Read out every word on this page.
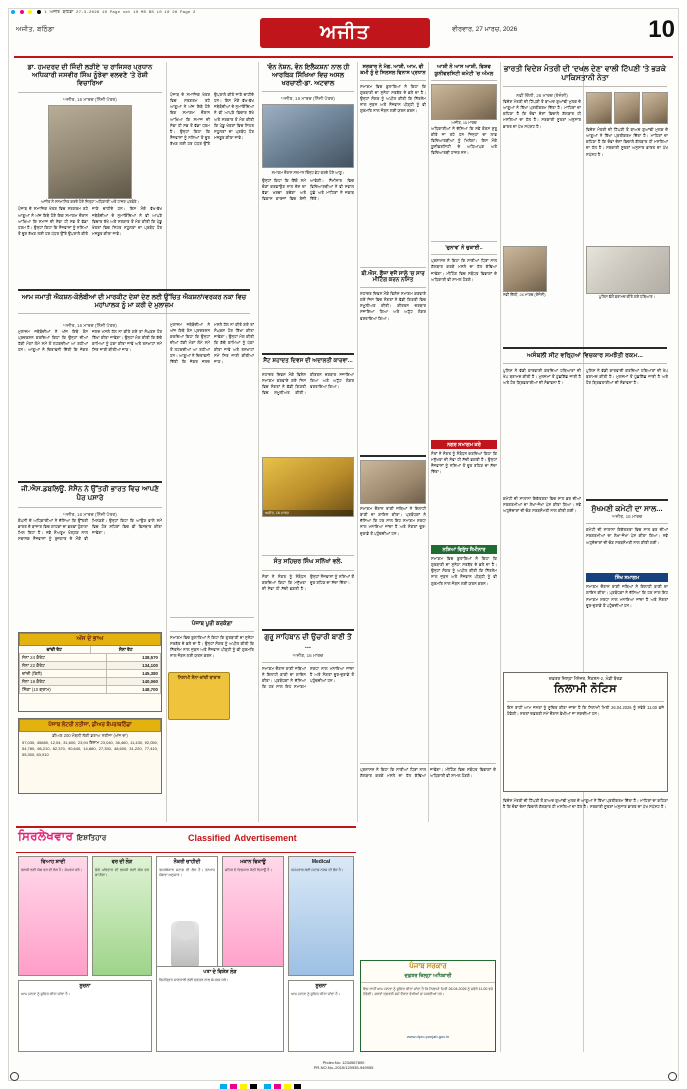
1 ਅਜੀਤ ਬਠਿੰਡਾ 27-3-2026 10 Page set 10 MS BS L0 10 26 Page 2
ਅਜੀਤ, ਬਠਿੰਡਾ	ਅਜੀਤ	ਵੀਰਵਾਰ, 27 ਮਾਰਚ, 2026	10
ਡਾ. ਹਮਦਰਦ ਦੀ ਜਿੰਦੀ ਲੜੀਏ 'ਚ ਰਾਜਿਸਰ ਪ੍ਰਧਾਨ ਅਧਿਕਾਰੀ ਜਸਵੀਰ ਸਿੰਘ ਨੂੰਝੇਵਾ ਵਲਵਣੇ 'ਤੇ ਰੋਸ਼ੀ ਵਿਚਾਰਿਆ
ਅਜੀਤ, 16 ਮਾਰਚ (ਨਿੱਜੀ ਪੱਤਰ)
ਅਜੀਤ ਨੇ ਸਨਮਾਨਿਤ ਕਰਦੇ ਹੋਏ ਜ਼ਿਲ੍ਹਾ ਅਧਿਕਾਰੀ ਅਤੇ ਹਾਜ਼ਰ ਪਤਵੰਤੇ।
ਪੰਜਾਬ ਦੇ ਸਮਾਜਿਕ ਖੇਤਰ ਵਿਚ ਸਰਗਰਮ ਰਹੇ ਆਗੂਆਂ ਨੇ ਅੱਜ ਇਥੇ ਹੋਏ ਇਕ ਸਮਾਗਮ ਦੌਰਾਨ ਆਖਿਆ ਕਿ ਸਮਾਜ ਦੀ ਸੇਵਾ ਹੀ ਸਭ ਤੋਂ ਵੱਡਾ ਧਰਮ ਹੈ। ਉਨ੍ਹਾਂ ਕਿਹਾ ਕਿ ਨੌਜਵਾਨਾਂ ਨੂੰ ਨਸ਼ਿਆਂ ਤੋਂ ਦੂਰ ਰੱਖਣ ਲਈ ਹਰ ਪੱਧਰ ਉੱਤੇ ਉਪਰਾਲੇ ਕੀਤੇ ਜਾਣੇ ਚਾਹੀਦੇ ਹਨ। ਇਸ ਮੌਕੇ ਵੱਖ-ਵੱਖ ਜਥੇਬੰਦੀਆਂ ਦੇ ਨੁਮਾਇੰਦਿਆਂ ਨੇ ਵੀ ਆਪਣੇ ਵਿਚਾਰ ਰੱਖੇ ਅਤੇ ਸਰਕਾਰ ਤੋਂ ਮੰਗ ਕੀਤੀ ਕਿ ਪੇਂਡੂ ਖੇਤਰਾਂ ਵਿਚ ਸਿਹਤ ਸਹੂਲਤਾਂ ਦਾ ਪ੍ਰਬੰਧ ਹੋਰ ਮਜ਼ਬੂਤ ਕੀਤਾ ਜਾਵੇ।
ਆਮ ਜਮਾਤੀ ਐਕਸ਼ਨ-ਕੋਲੰਬੀਆਂ ਦੀ ਮਾਰਕੀਟ ਦੇਸ਼ਾਂ ਦੇਣ ਲਈ ਉੱਚਿਤ ਐਕਸ਼ਨਾਂ/ਵਰਕਰ ਨਕਾ ਵਿਚ ਮਹਾਂਪਾਲਕ ਨੂੰ ਮਾ ਕਰੀ ਦੇ ਮੁਲਾਜ਼ਮ
ਅਜੀਤ, 16 ਮਾਰਚ (ਨਿੱਜੀ ਪੱਤਰ)
ਮੁਲਾਜ਼ਮ ਜਥੇਬੰਦੀਆਂ ਨੇ ਅੱਜ ਇਥੇ ਰੋਸ ਪ੍ਰਦਰਸ਼ਨ ਕਰਦਿਆਂ ਕਿਹਾ ਕਿ ਉਨ੍ਹਾਂ ਦੀਆਂ ਹੱਕੀ ਮੰਗਾਂ ਲੰਮੇ ਸਮੇਂ ਤੋਂ ਲਟਕਦੀਆਂ ਆ ਰਹੀਆਂ ਹਨ। ਆਗੂਆਂ ਨੇ ਚਿਤਾਵਨੀ ਦਿੱਤੀ ਕਿ ਜੇਕਰ ਜਲਦ ਮਸਲੇ ਹੱਲ ਨਾ ਕੀਤੇ ਗਏ ਤਾਂ ਸੰਘਰਸ਼ ਹੋਰ ਤਿੱਖਾ ਕੀਤਾ ਜਾਵੇਗਾ। ਉਨ੍ਹਾਂ ਮੰਗ ਕੀਤੀ ਕਿ ਕੱਚੇ ਕਾਮਿਆਂ ਨੂੰ ਪੱਕਾ ਕੀਤਾ ਜਾਵੇ ਅਤੇ ਤਨਖਾਹਾਂ ਸਮੇਂ ਸਿਰ ਜਾਰੀ ਕੀਤੀਆਂ ਜਾਣ।
ਜੀ.ਐਸ.ਡਬਲਿਊ. ਸੋਸੈਨ ਨੇ ਉੱਤਰੀ ਭਾਰਤ ਵਿਚ ਆਪਣੇ ਪੈਰ ਪਸਾਰੇ
ਅਜੀਤ, 16 ਮਾਰਚ (ਨਿੱਜੀ ਪੱਤਰ)
ਕੰਪਨੀ ਦੇ ਅਧਿਕਾਰੀਆਂ ਨੇ ਦੱਸਿਆ ਕਿ ਉੱਤਰੀ ਭਾਰਤ ਦੇ ਬਾਜ਼ਾਰ ਵਿਚ ਗਾਹਕਾਂ ਦਾ ਭਰਵਾਂ ਹੁੰਗਾਰਾ ਮਿਲ ਰਿਹਾ ਹੈ। ਨਵੇਂ ਸ਼ੋਅਰੂਮ ਖੋਲ੍ਹਣ ਨਾਲ ਸਥਾਨਕ ਨੌਜਵਾਨਾਂ ਨੂੰ ਰੁਜ਼ਗਾਰ ਦੇ ਮੌਕੇ ਵੀ ਮਿਲਣਗੇ। ਉਨ੍ਹਾਂ ਕਿਹਾ ਕਿ ਆਉਣ ਵਾਲੇ ਸਮੇਂ ਵਿਚ ਹੋਰ ਸ਼ਹਿਰਾਂ ਵਿਚ ਵੀ ਵਿਸਥਾਰ ਕੀਤਾ ਜਾਵੇਗਾ।
ਅੱਜ ਦੇ ਭਾਅ
ਚਾਂਦੀ ਰੇਟ	ਸੋਨਾ ਰੇਟ
ਸੋਨਾ 24 ਕੈਰੇਟ	138,570
ਸੋਨਾ 22 ਕੈਰੇਟ	134,100
ਚਾਂਦੀ (ਕਿਲੋ)	145,380
ਸੋਨਾ 18 ਕੈਰੇਟ	140,060
ਸਿੱਕਾ (10 ਗ੍ਰਾਮ)	148,700
ਪੰਜਾਬ ਲੋਟਰੀ ਨਤੀਜਾ, ਡੀਅਰ ਬੰਪਰ/ਬਠਿੰਡਾ
ਡੀਅਰ 200 ਮੰਥਲੀ ਲੱਕੀ ਡਰਾਅ ਨਤੀਜਾ (ਅੱਜ ਦਾ)
57,030, 45680, 12,04, 31,600, 23,94 ਇਨਾਮ 23,040, 36,460, 11,430, 92,050, 54,780, 66,210, 82,370, 90,640, 14,880, 27,330, 48,600, 31,220, 77,410, 55,300, 63,910
ਨਿਲਾਮੀ ਸੋਨਾ-ਚਾਂਦੀ ਬਾਜ਼ਾਰ
ਪੰਜਾਬ ਦੇ ਸਮਾਜਿਕ ਖੇਤਰ ਵਿਚ ਸਰਗਰਮ ਰਹੇ ਆਗੂਆਂ ਨੇ ਅੱਜ ਇਥੇ ਹੋਏ ਇਕ ਸਮਾਗਮ ਦੌਰਾਨ ਆਖਿਆ ਕਿ ਸਮਾਜ ਦੀ ਸੇਵਾ ਹੀ ਸਭ ਤੋਂ ਵੱਡਾ ਧਰਮ ਹੈ। ਉਨ੍ਹਾਂ ਕਿਹਾ ਕਿ ਨੌਜਵਾਨਾਂ ਨੂੰ ਨਸ਼ਿਆਂ ਤੋਂ ਦੂਰ ਰੱਖਣ ਲਈ ਹਰ ਪੱਧਰ ਉੱਤੇ ਉਪਰਾਲੇ ਕੀਤੇ ਜਾਣੇ ਚਾਹੀਦੇ ਹਨ। ਇਸ ਮੌਕੇ ਵੱਖ-ਵੱਖ ਜਥੇਬੰਦੀਆਂ ਦੇ ਨੁਮਾਇੰਦਿਆਂ ਨੇ ਵੀ ਆਪਣੇ ਵਿਚਾਰ ਰੱਖੇ ਅਤੇ ਸਰਕਾਰ ਤੋਂ ਮੰਗ ਕੀਤੀ ਕਿ ਪੇਂਡੂ ਖੇਤਰਾਂ ਵਿਚ ਸਿਹਤ ਸਹੂਲਤਾਂ ਦਾ ਪ੍ਰਬੰਧ ਹੋਰ ਮਜ਼ਬੂਤ ਕੀਤਾ ਜਾਵੇ।
ਮੁਲਾਜ਼ਮ ਜਥੇਬੰਦੀਆਂ ਨੇ ਅੱਜ ਇਥੇ ਰੋਸ ਪ੍ਰਦਰਸ਼ਨ ਕਰਦਿਆਂ ਕਿਹਾ ਕਿ ਉਨ੍ਹਾਂ ਦੀਆਂ ਹੱਕੀ ਮੰਗਾਂ ਲੰਮੇ ਸਮੇਂ ਤੋਂ ਲਟਕਦੀਆਂ ਆ ਰਹੀਆਂ ਹਨ। ਆਗੂਆਂ ਨੇ ਚਿਤਾਵਨੀ ਦਿੱਤੀ ਕਿ ਜੇਕਰ ਜਲਦ ਮਸਲੇ ਹੱਲ ਨਾ ਕੀਤੇ ਗਏ ਤਾਂ ਸੰਘਰਸ਼ ਹੋਰ ਤਿੱਖਾ ਕੀਤਾ ਜਾਵੇਗਾ। ਉਨ੍ਹਾਂ ਮੰਗ ਕੀਤੀ ਕਿ ਕੱਚੇ ਕਾਮਿਆਂ ਨੂੰ ਪੱਕਾ ਕੀਤਾ ਜਾਵੇ ਅਤੇ ਤਨਖਾਹਾਂ ਸਮੇਂ ਸਿਰ ਜਾਰੀ ਕੀਤੀਆਂ ਜਾਣ।
ਪੰਜਾਬ ਪੂਰੀ ਕਰਕੇਗਾ
ਸਮਾਗਮ ਵਿਚ ਬੁਲਾਰਿਆਂ ਨੇ ਕਿਹਾ ਕਿ ਗੁਰਬਾਣੀ ਦਾ ਸੁਨੇਹਾ ਸਰਬੱਤ ਦੇ ਭਲੇ ਦਾ ਹੈ। ਉਨ੍ਹਾਂ ਸੰਗਤ ਨੂੰ ਅਪੀਲ ਕੀਤੀ ਕਿ ਨਿੱਤਨੇਮ ਨਾਲ ਜੁੜਨ ਅਤੇ ਨੌਜਵਾਨ ਪੀੜ੍ਹੀ ਨੂੰ ਵੀ ਗੁਰਮਤਿ ਨਾਲ ਜੋੜਨ ਲਈ ਯਤਨ ਕਰਨ।
'ਵੰਨ ਨੇਸ਼ਨ, ਵੰਨ ਇਲੈਕਸ਼ਨ' ਨਾਲ ਹੀ ਆਰਥਿਕ ਸਿੱਖਿਆ ਵਿਚ ਅਸਲ ਖਰਚਾਈ-ਡਾ. ਅਟਵਾਲ
ਅਜੀਤ, 16 ਮਾਰਚ (ਨਿੱਜੀ ਪੱਤਰ)
ਸਮਾਗਮ ਦੌਰਾਨ ਸਨਮਾਨ ਚਿੰਨ੍ਹ ਭੇਟ ਕਰਦੇ ਹੋਏ ਆਗੂ।
ਉਨ੍ਹਾਂ ਕਿਹਾ ਕਿ ਇੱਕੋ ਸਮੇਂ ਚੋਣਾਂ ਕਰਵਾਉਣ ਨਾਲ ਦੇਸ਼ ਦਾ ਵੱਡਾ ਖਰਚਾ ਬਚੇਗਾ ਅਤੇ ਵਿਕਾਸ ਕਾਰਜਾਂ ਵਿਚ ਤੇਜ਼ੀ ਆਵੇਗੀ। ਸੈਮੀਨਾਰ ਵਿਚ ਵਿਦਿਆਰਥੀਆਂ ਨੇ ਵੀ ਸਵਾਲ ਪੁੱਛੇ ਅਤੇ ਮਾਹਿਰਾਂ ਨੇ ਜਵਾਬ ਦਿੱਤੇ।
ਸੈਂਟ ਸ਼ਹਾਦਤ ਦਿਵਸ ਦੀ ਅਦਾਲਤੀ ਕਾਰਵਾ...
ਸ਼ਹਾਦਤ ਦਿਵਸ ਮੌਕੇ ਵਿਸ਼ੇਸ਼ ਸਮਾਗਮ ਕਰਵਾਏ ਗਏ ਜਿਸ ਵਿਚ ਸੰਗਤਾਂ ਨੇ ਵੱਡੀ ਗਿਣਤੀ ਵਿਚ ਸ਼ਮੂਲੀਅਤ ਕੀਤੀ। ਕੀਰਤਨ ਦਰਬਾਰ ਸਜਾਇਆ ਗਿਆ ਅਤੇ ਅਟੁੱਟ ਲੰਗਰ ਵਰਤਾਇਆ ਗਿਆ।
ਅਜੀਤ, 16 ਮਾਰਚ
ਸੰਤ ਸਹਿਚਰ ਸਿੰਘ ਸਨਿੱਖਾਂ ਵਲੇ.
ਸੰਤਾਂ ਨੇ ਸੰਗਤ ਨੂੰ ਸੰਬੋਧਨ ਕਰਦਿਆਂ ਕਿਹਾ ਕਿ ਮਨੁੱਖਤਾ ਦੀ ਸੇਵਾ ਹੀ ਸੱਚੀ ਭਗਤੀ ਹੈ। ਉਨ੍ਹਾਂ ਨੌਜਵਾਨਾਂ ਨੂੰ ਨਸ਼ਿਆਂ ਤੋਂ ਦੂਰ ਰਹਿਣ ਦਾ ਸੱਦਾ ਦਿੱਤਾ।
ਗੁਰੂ ਸਾਹਿਬਾਨ ਦੀ ਉਚਾਰੀ ਬਾਣੀ ਤੋਂ ...
ਅਜੀਤ, 16 ਮਾਰਚ
ਸਮਾਗਮ ਦੌਰਾਨ ਰਾਗੀ ਜਥਿਆਂ ਨੇ ਇਲਾਹੀ ਬਾਣੀ ਦਾ ਗਾਇਨ ਕੀਤਾ। ਪ੍ਰਬੰਧਕਾਂ ਨੇ ਦੱਸਿਆ ਕਿ ਹਰ ਸਾਲ ਇਹ ਸਮਾਗਮ ਸ਼ਰਧਾ ਨਾਲ ਮਨਾਇਆ ਜਾਂਦਾ ਹੈ ਅਤੇ ਸੰਗਤਾਂ ਦੂਰ-ਦੁਰਾਡੇ ਤੋਂ ਪਹੁੰਚਦੀਆਂ ਹਨ।
ਸਰਕਾਰ ਨੇ ਮੰਗ, ਆਸ਼ੀ, ਆਮ, ਵੀ ਕਮੀ ਨੂੰ ਦੇ ਸਿਲਸਲ ਵਿਨਾਸ ਪ੍ਰਧਾਨ
ਸਮਾਗਮ ਵਿਚ ਬੁਲਾਰਿਆਂ ਨੇ ਕਿਹਾ ਕਿ ਗੁਰਬਾਣੀ ਦਾ ਸੁਨੇਹਾ ਸਰਬੱਤ ਦੇ ਭਲੇ ਦਾ ਹੈ। ਉਨ੍ਹਾਂ ਸੰਗਤ ਨੂੰ ਅਪੀਲ ਕੀਤੀ ਕਿ ਨਿੱਤਨੇਮ ਨਾਲ ਜੁੜਨ ਅਤੇ ਨੌਜਵਾਨ ਪੀੜ੍ਹੀ ਨੂੰ ਵੀ ਗੁਰਮਤਿ ਨਾਲ ਜੋੜਨ ਲਈ ਯਤਨ ਕਰਨ।
ਬੀ.ਐਸ. ਫੌਜਾ ਵਜੋਂ ਸਾਲੇ 'ਚ ਸਾਰ ਮੀਟਿੰਗ ਕਰਨ ਨਮਿੱਤ
ਸ਼ਹਾਦਤ ਦਿਵਸ ਮੌਕੇ ਵਿਸ਼ੇਸ਼ ਸਮਾਗਮ ਕਰਵਾਏ ਗਏ ਜਿਸ ਵਿਚ ਸੰਗਤਾਂ ਨੇ ਵੱਡੀ ਗਿਣਤੀ ਵਿਚ ਸ਼ਮੂਲੀਅਤ ਕੀਤੀ। ਕੀਰਤਨ ਦਰਬਾਰ ਸਜਾਇਆ ਗਿਆ ਅਤੇ ਅਟੁੱਟ ਲੰਗਰ ਵਰਤਾਇਆ ਗਿਆ।
ਸਮਾਗਮ ਦੌਰਾਨ ਰਾਗੀ ਜਥਿਆਂ ਨੇ ਇਲਾਹੀ ਬਾਣੀ ਦਾ ਗਾਇਨ ਕੀਤਾ। ਪ੍ਰਬੰਧਕਾਂ ਨੇ ਦੱਸਿਆ ਕਿ ਹਰ ਸਾਲ ਇਹ ਸਮਾਗਮ ਸ਼ਰਧਾ ਨਾਲ ਮਨਾਇਆ ਜਾਂਦਾ ਹੈ ਅਤੇ ਸੰਗਤਾਂ ਦੂਰ-ਦੁਰਾਡੇ ਤੋਂ ਪਹੁੰਚਦੀਆਂ ਹਨ।
ਆਸ਼ੀ ਨੇ ਆਸ ਆਸ਼ੀ, ਵਿਸ਼ਵ ਯੂਨੀਵਰਸਿਟੀ ਕਮੇਟੀ 'ਚ ਅੰਮਲ
ਅਜੀਤ, 16 ਮਾਰਚ
ਅਧਿਕਾਰੀਆਂ ਨੇ ਦੱਸਿਆ ਕਿ ਨਵੇਂ ਕੋਰਸ ਸ਼ੁਰੂ ਕੀਤੇ ਜਾ ਰਹੇ ਹਨ ਜਿਨ੍ਹਾਂ ਦਾ ਲਾਭ ਵਿਦਿਆਰਥੀਆਂ ਨੂੰ ਮਿਲੇਗਾ। ਇਸ ਮੌਕੇ ਯੂਨੀਵਰਸਿਟੀ ਦੇ ਅਧਿਆਪਕ ਅਤੇ ਵਿਦਿਆਰਥੀ ਹਾਜ਼ਰ ਸਨ।
'ਚੁਨਾਵ' ਨੇ ਚੁਕਾਈ..
ਪ੍ਰਸ਼ਾਸਨ ਨੇ ਕਿਹਾ ਕਿ ਸਾਰੀਆਂ ਧਿਰਾਂ ਨਾਲ ਗੱਲਬਾਤ ਕਰਕੇ ਮਸਲੇ ਦਾ ਹੱਲ ਕੱਢਿਆ ਜਾਵੇਗਾ। ਮੀਟਿੰਗ ਵਿਚ ਸਬੰਧਤ ਵਿਭਾਗਾਂ ਦੇ ਅਧਿਕਾਰੀ ਵੀ ਸ਼ਾਮਲ ਹੋਣਗੇ।
ਨਗਰ ਸਮਾਗਮ ਕਰੇ
ਸੰਤਾਂ ਨੇ ਸੰਗਤ ਨੂੰ ਸੰਬੋਧਨ ਕਰਦਿਆਂ ਕਿਹਾ ਕਿ ਮਨੁੱਖਤਾ ਦੀ ਸੇਵਾ ਹੀ ਸੱਚੀ ਭਗਤੀ ਹੈ। ਉਨ੍ਹਾਂ ਨੌਜਵਾਨਾਂ ਨੂੰ ਨਸ਼ਿਆਂ ਤੋਂ ਦੂਰ ਰਹਿਣ ਦਾ ਸੱਦਾ ਦਿੱਤਾ।
ਨਸ਼ਿਆਂ ਵਿਰੁੱਧ ਸੈਮੀਨਾਰ
ਸਮਾਗਮ ਵਿਚ ਬੁਲਾਰਿਆਂ ਨੇ ਕਿਹਾ ਕਿ ਗੁਰਬਾਣੀ ਦਾ ਸੁਨੇਹਾ ਸਰਬੱਤ ਦੇ ਭਲੇ ਦਾ ਹੈ। ਉਨ੍ਹਾਂ ਸੰਗਤ ਨੂੰ ਅਪੀਲ ਕੀਤੀ ਕਿ ਨਿੱਤਨੇਮ ਨਾਲ ਜੁੜਨ ਅਤੇ ਨੌਜਵਾਨ ਪੀੜ੍ਹੀ ਨੂੰ ਵੀ ਗੁਰਮਤਿ ਨਾਲ ਜੋੜਨ ਲਈ ਯਤਨ ਕਰਨ।
ਭਾਰਤੀ ਵਿਦੇਸ਼ ਮੰਤਰੀ ਦੀ 'ਦਖਲ ਦੇਣ' ਵਾਲੀ ਟਿੱਪਣੀ 'ਤੇ ਭੜਕੇ ਪਾਕਿਸਤਾਨੀ ਨੇਤਾ
ਨਵੀਂ ਦਿੱਲੀ, 26 ਮਾਰਚ (ਏਜੰਸੀ)
ਵਿਦੇਸ਼ ਮੰਤਰੀ ਦੀ ਟਿੱਪਣੀ ਤੋਂ ਬਾਅਦ ਗੁਆਂਢੀ ਮੁਲਕ ਦੇ ਆਗੂਆਂ ਨੇ ਤਿੱਖਾ ਪ੍ਰਤੀਕਰਮ ਦਿੱਤਾ ਹੈ। ਮਾਹਿਰਾਂ ਦਾ ਕਹਿਣਾ ਹੈ ਕਿ ਦੋਵਾਂ ਦੇਸ਼ਾਂ ਵਿਚਾਲੇ ਗੱਲਬਾਤ ਹੀ ਮਸਲਿਆਂ ਦਾ ਹੱਲ ਹੈ। ਸਰਕਾਰੀ ਸੂਤਰਾਂ ਅਨੁਸਾਰ ਭਾਰਤ ਦਾ ਪੱਖ ਸਪੱਸ਼ਟ ਹੈ।
ਵਿਦੇਸ਼ ਮੰਤਰੀ ਦੀ ਟਿੱਪਣੀ ਤੋਂ ਬਾਅਦ ਗੁਆਂਢੀ ਮੁਲਕ ਦੇ ਆਗੂਆਂ ਨੇ ਤਿੱਖਾ ਪ੍ਰਤੀਕਰਮ ਦਿੱਤਾ ਹੈ। ਮਾਹਿਰਾਂ ਦਾ ਕਹਿਣਾ ਹੈ ਕਿ ਦੋਵਾਂ ਦੇਸ਼ਾਂ ਵਿਚਾਲੇ ਗੱਲਬਾਤ ਹੀ ਮਸਲਿਆਂ ਦਾ ਹੱਲ ਹੈ। ਸਰਕਾਰੀ ਸੂਤਰਾਂ ਅਨੁਸਾਰ ਭਾਰਤ ਦਾ ਪੱਖ ਸਪੱਸ਼ਟ ਹੈ।
ਪੁਲਿਸ ਵੱਲੋਂ ਬਰਾਮਦ ਕੀਤੇ ਗਏ ਹਥਿਆਰ।
ਨਵੀਂ ਦਿੱਲੀ, 26 ਮਾਰਚ (ਏਜੰਸੀ)
ਅਸੰਬਲੀ ਸੀਟ ਵਰ੍ਹਿਆਂ ਵਿਚਕਾਰ ਸਮਝੌਤੀ ਰਕਮ...
ਪੁਲਿਸ ਨੇ ਵੱਡੀ ਕਾਰਵਾਈ ਕਰਦਿਆਂ ਹਥਿਆਰਾਂ ਦੀ ਖੇਪ ਬਰਾਮਦ ਕੀਤੀ ਹੈ। ਮੁਲਜ਼ਮਾਂ ਤੋਂ ਪੁੱਛਗਿੱਛ ਜਾਰੀ ਹੈ ਅਤੇ ਹੋਰ ਗ੍ਰਿਫ਼ਤਾਰੀਆਂ ਦੀ ਸੰਭਾਵਨਾ ਹੈ।
ਪੁਲਿਸ ਨੇ ਵੱਡੀ ਕਾਰਵਾਈ ਕਰਦਿਆਂ ਹਥਿਆਰਾਂ ਦੀ ਖੇਪ ਬਰਾਮਦ ਕੀਤੀ ਹੈ। ਮੁਲਜ਼ਮਾਂ ਤੋਂ ਪੁੱਛਗਿੱਛ ਜਾਰੀ ਹੈ ਅਤੇ ਹੋਰ ਗ੍ਰਿਫ਼ਤਾਰੀਆਂ ਦੀ ਸੰਭਾਵਨਾ ਹੈ।
ਸੁੱਖਮਣੀ ਕਮੇਟੀ ਦਾ ਸਾਲ...
ਅਜੀਤ, 16 ਮਾਰਚ
ਕਮੇਟੀ ਦੀ ਸਾਲਾਨਾ ਇਕੱਤਰਤਾ ਵਿਚ ਸਾਲ ਭਰ ਦੀਆਂ ਸਰਗਰਮੀਆਂ ਦਾ ਲੇਖਾ-ਜੋਖਾ ਪੇਸ਼ ਕੀਤਾ ਗਿਆ। ਨਵੇਂ ਅਹੁਦੇਦਾਰਾਂ ਦੀ ਚੋਣ ਸਰਬਸੰਮਤੀ ਨਾਲ ਕੀਤੀ ਗਈ।
ਸਿੱਖ ਸਮਾਗਮ
ਸਮਾਗਮ ਦੌਰਾਨ ਰਾਗੀ ਜਥਿਆਂ ਨੇ ਇਲਾਹੀ ਬਾਣੀ ਦਾ ਗਾਇਨ ਕੀਤਾ। ਪ੍ਰਬੰਧਕਾਂ ਨੇ ਦੱਸਿਆ ਕਿ ਹਰ ਸਾਲ ਇਹ ਸਮਾਗਮ ਸ਼ਰਧਾ ਨਾਲ ਮਨਾਇਆ ਜਾਂਦਾ ਹੈ ਅਤੇ ਸੰਗਤਾਂ ਦੂਰ-ਦੁਰਾਡੇ ਤੋਂ ਪਹੁੰਚਦੀਆਂ ਹਨ।
ਕਮੇਟੀ ਦੀ ਸਾਲਾਨਾ ਇਕੱਤਰਤਾ ਵਿਚ ਸਾਲ ਭਰ ਦੀਆਂ ਸਰਗਰਮੀਆਂ ਦਾ ਲੇਖਾ-ਜੋਖਾ ਪੇਸ਼ ਕੀਤਾ ਗਿਆ। ਨਵੇਂ ਅਹੁਦੇਦਾਰਾਂ ਦੀ ਚੋਣ ਸਰਬਸੰਮਤੀ ਨਾਲ ਕੀਤੀ ਗਈ।
ਦਫ਼ਤਰ ਜ਼ਿਲ੍ਹਾ ਮੈਨੇਜਰ, ਸੈਕਸ਼ਨ-2, ਮੰਡੀ ਬੋਰਡ
ਨਿਲਾਮੀ ਨੋਟਿਸ
ਇਸ ਰਾਹੀਂ ਆਮ ਜਨਤਾ ਨੂੰ ਸੂਚਿਤ ਕੀਤਾ ਜਾਂਦਾ ਹੈ ਕਿ ਨਿਲਾਮੀ ਮਿਤੀ 26.04.2026 ਨੂੰ ਸਵੇਰੇ 11.00 ਵਜੇ ਹੋਵੇਗੀ। ਸ਼ਰਤਾਂ ਦਫ਼ਤਰੀ ਸਮੇਂ ਦੌਰਾਨ ਵੇਖੀਆਂ ਜਾ ਸਕਦੀਆਂ ਹਨ।
ਵਿਦੇਸ਼ ਮੰਤਰੀ ਦੀ ਟਿੱਪਣੀ ਤੋਂ ਬਾਅਦ ਗੁਆਂਢੀ ਮੁਲਕ ਦੇ ਆਗੂਆਂ ਨੇ ਤਿੱਖਾ ਪ੍ਰਤੀਕਰਮ ਦਿੱਤਾ ਹੈ। ਮਾਹਿਰਾਂ ਦਾ ਕਹਿਣਾ ਹੈ ਕਿ ਦੋਵਾਂ ਦੇਸ਼ਾਂ ਵਿਚਾਲੇ ਗੱਲਬਾਤ ਹੀ ਮਸਲਿਆਂ ਦਾ ਹੱਲ ਹੈ। ਸਰਕਾਰੀ ਸੂਤਰਾਂ ਅਨੁਸਾਰ ਭਾਰਤ ਦਾ ਪੱਖ ਸਪੱਸ਼ਟ ਹੈ।
ਸਿਰਲੇਖਵਾਰ ਇਸ਼ਤਿਹਾਰ	Classified Advertisement
ਵਿਆਹ ਸ਼ਾਦੀ
ਲੜਕੀ ਲਈ ਯੋਗ ਵਰ ਦੀ ਲੋੜ ਹੈ। ਸੰਪਰਕ ਕਰੋ।
ਵਰ ਦੀ ਲੋੜ
ਚੰਗੇ ਪਰਿਵਾਰ ਦੀ ਲੜਕੀ ਲਈ ਯੋਗ ਵਰ ਚਾਹੀਦਾ।
ਨੌਕਰੀ ਚਾਹੀਦੀ
ਤਜਰਬੇਕਾਰ ਸਟਾਫ਼ ਦੀ ਲੋੜ ਹੈ। ਤਨਖਾਹ ਯੋਗਤਾ ਅਨੁਸਾਰ।
ਮਕਾਨ ਵਿਕਾਊ
ਸ਼ਹਿਰ ਦੇ ਵਿਚਕਾਰ ਕੋਠੀ ਵਿਕਾਊ ਹੈ।
Medical
ਹਸਪਤਾਲ ਲਈ ਸਟਾਫ਼ ਨਰਸ ਦੀ ਲੋੜ ਹੈ।
ਸੂਚਨਾ
ਆਮ ਜਨਤਾ ਨੂੰ ਸੂਚਿਤ ਕੀਤਾ ਜਾਂਦਾ ਹੈ।
ਪਤਾ ਦੇ ਵਿਸ਼ੇਸ਼ ਲੋੜ
ਵਿਸਤ੍ਰਿਤ ਜਾਣਕਾਰੀ ਲਈ ਦਫ਼ਤਰ ਨਾਲ ਸੰਪਰਕ ਕਰੋ।
ਸੂਚਨਾ
ਆਮ ਜਨਤਾ ਨੂੰ ਸੂਚਿਤ ਕੀਤਾ ਜਾਂਦਾ ਹੈ।
ਪੰਜਾਬ ਸਰਕਾਰ
ਦਫ਼ਤਰ ਜ਼ਿਲ੍ਹਾ ਅਧਿਕਾਰੀ
ਇਸ ਰਾਹੀਂ ਆਮ ਜਨਤਾ ਨੂੰ ਸੂਚਿਤ ਕੀਤਾ ਜਾਂਦਾ ਹੈ ਕਿ ਨਿਲਾਮੀ ਮਿਤੀ 26.04.2026 ਨੂੰ ਸਵੇਰੇ 11.00 ਵਜੇ ਹੋਵੇਗੀ। ਸ਼ਰਤਾਂ ਦਫ਼ਤਰੀ ਸਮੇਂ ਦੌਰਾਨ ਵੇਖੀਆਂ ਜਾ ਸਕਦੀਆਂ ਹਨ।
www.dpro.punjab.gov.in
ਪ੍ਰਸ਼ਾਸਨ ਨੇ ਕਿਹਾ ਕਿ ਸਾਰੀਆਂ ਧਿਰਾਂ ਨਾਲ ਗੱਲਬਾਤ ਕਰਕੇ ਮਸਲੇ ਦਾ ਹੱਲ ਕੱਢਿਆ ਜਾਵੇਗਾ। ਮੀਟਿੰਗ ਵਿਚ ਸਬੰਧਤ ਵਿਭਾਗਾਂ ਦੇ ਅਧਿਕਾਰੀ ਵੀ ਸ਼ਾਮਲ ਹੋਣਗੇ।
Phdev.No: 1234567890
PR-NO.No.-2019/120935-949955
